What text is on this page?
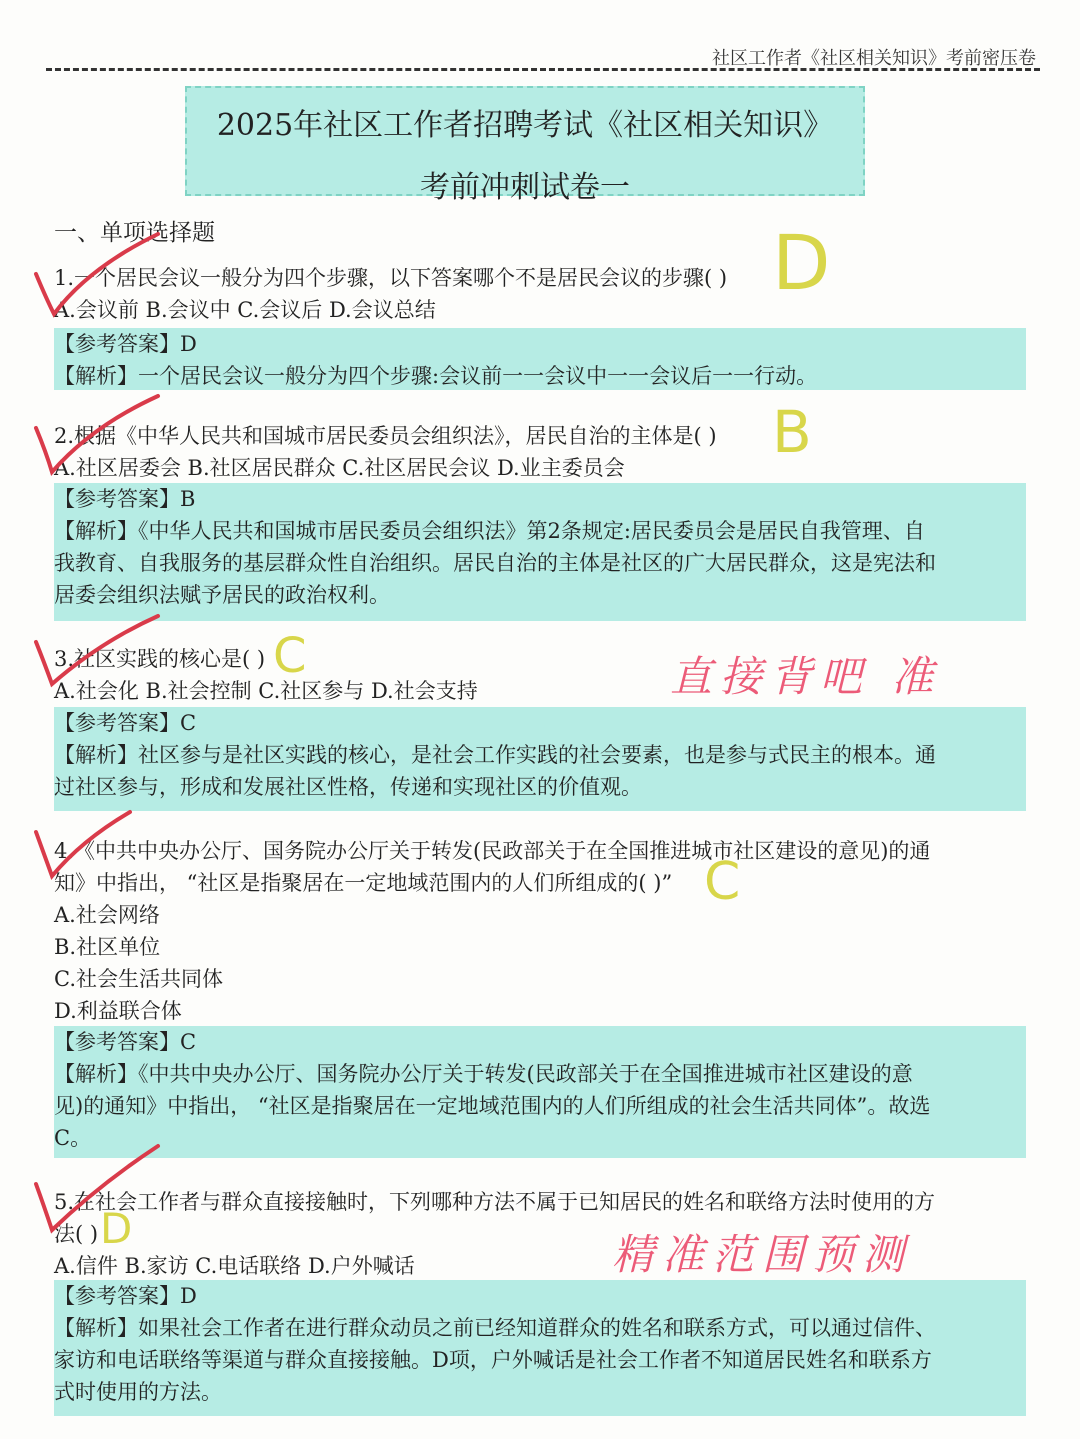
社区工作者《社区相关知识》考前密压卷
2025年社区工作者招聘考试《社区相关知识》
考前冲刺试卷一
一、单项选择题
1.一个居民会议一般分为四个步骤，以下答案哪个不是居民会议的步骤( )
A.会议前 B.会议中 C.会议后 D.会议总结
【参考答案】D
【解析】一个居民会议一般分为四个步骤:会议前一一会议中一一会议后一一行动。
2.根据《中华人民共和国城市居民委员会组织法》，居民自治的主体是( )
A.社区居委会 B.社区居民群众 C.社区居民会议 D.业主委员会
【参考答案】B
【解析】《中华人民共和国城市居民委员会组织法》第2条规定:居民委员会是居民自我管理、自
我教育、自我服务的基层群众性自治组织。居民自治的主体是社区的广大居民群众，这是宪法和
居委会组织法赋予居民的政治权利。
3.社区实践的核心是( )
A.社会化 B.社会控制 C.社区参与 D.社会支持
【参考答案】C
【解析】社区参与是社区实践的核心，是社会工作实践的社会要素，也是参与式民主的根本。通
过社区参与，形成和发展社区性格，传递和实现社区的价值观。
4.《中共中央办公厅、国务院办公厅关于转发(民政部关于在全国推进城市社区建设的意见)的通
知》中指出， “社区是指聚居在一定地域范围内的人们所组成的( )”
A.社会网络
B.社区单位
C.社会生活共同体
D.利益联合体
【参考答案】C
【解析】《中共中央办公厅、国务院办公厅关于转发(民政部关于在全国推进城市社区建设的意
见)的通知》中指出， “社区是指聚居在一定地域范围内的人们所组成的社会生活共同体”。故选
C。
5.在社会工作者与群众直接接触时，下列哪种方法不属于已知居民的姓名和联络方法时使用的方
法( )
A.信件 B.家访 C.电话联络 D.户外喊话
【参考答案】D
【解析】如果社会工作者在进行群众动员之前已经知道群众的姓名和联系方式，可以通过信件、
家访和电话联络等渠道与群众直接接触。D项，户外喊话是社会工作者不知道居民姓名和联系方
式时使用的方法。
D
B
C
C
D
直接背吧 准
精准范围预测
